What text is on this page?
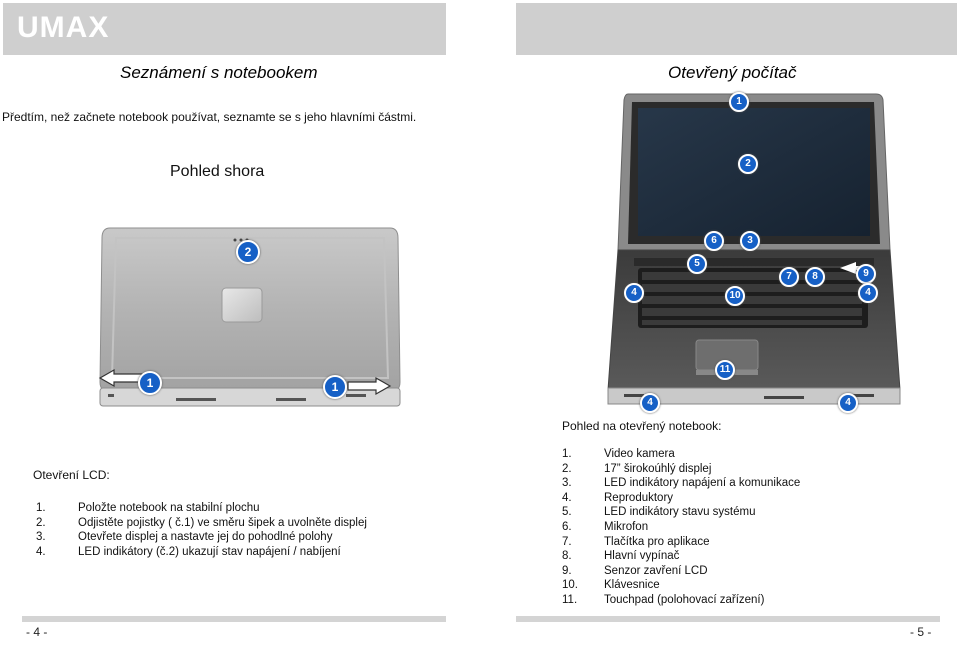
UMAX
Seznámení s notebookem
Předtím, než začnete notebook používat, seznamte se s jeho hlavními částmi.
Pohled shora
2
1	1
Otevření LCD:
1.	Položte notebook na stabilní plochu
2.	Odjistěte pojistky ( č.1) ve směru šipek a uvolněte displej
3.	Otevřete displej a nastavte jej do pohodlné polohy
4.	LED indikátory (č.2) ukazují stav napájení / nabíjení
Otevřený počítač
1
2
6	3
5
7	8	9
4	4
10
11
4	4
Pohled na otevřený notebook:
1.	Video kamera
2.	17” širokoúhlý displej
3.	LED indikátory napájení a komunikace
4.	Reproduktory
5.	LED indikátory stavu systému
6.	Mikrofon
7.	Tlačítka pro aplikace
8.	Hlavní vypínač
9.	Senzor zavření LCD
10. Klávesnice
11. Touchpad (polohovací zařízení)
- 4 -	- 5 -
